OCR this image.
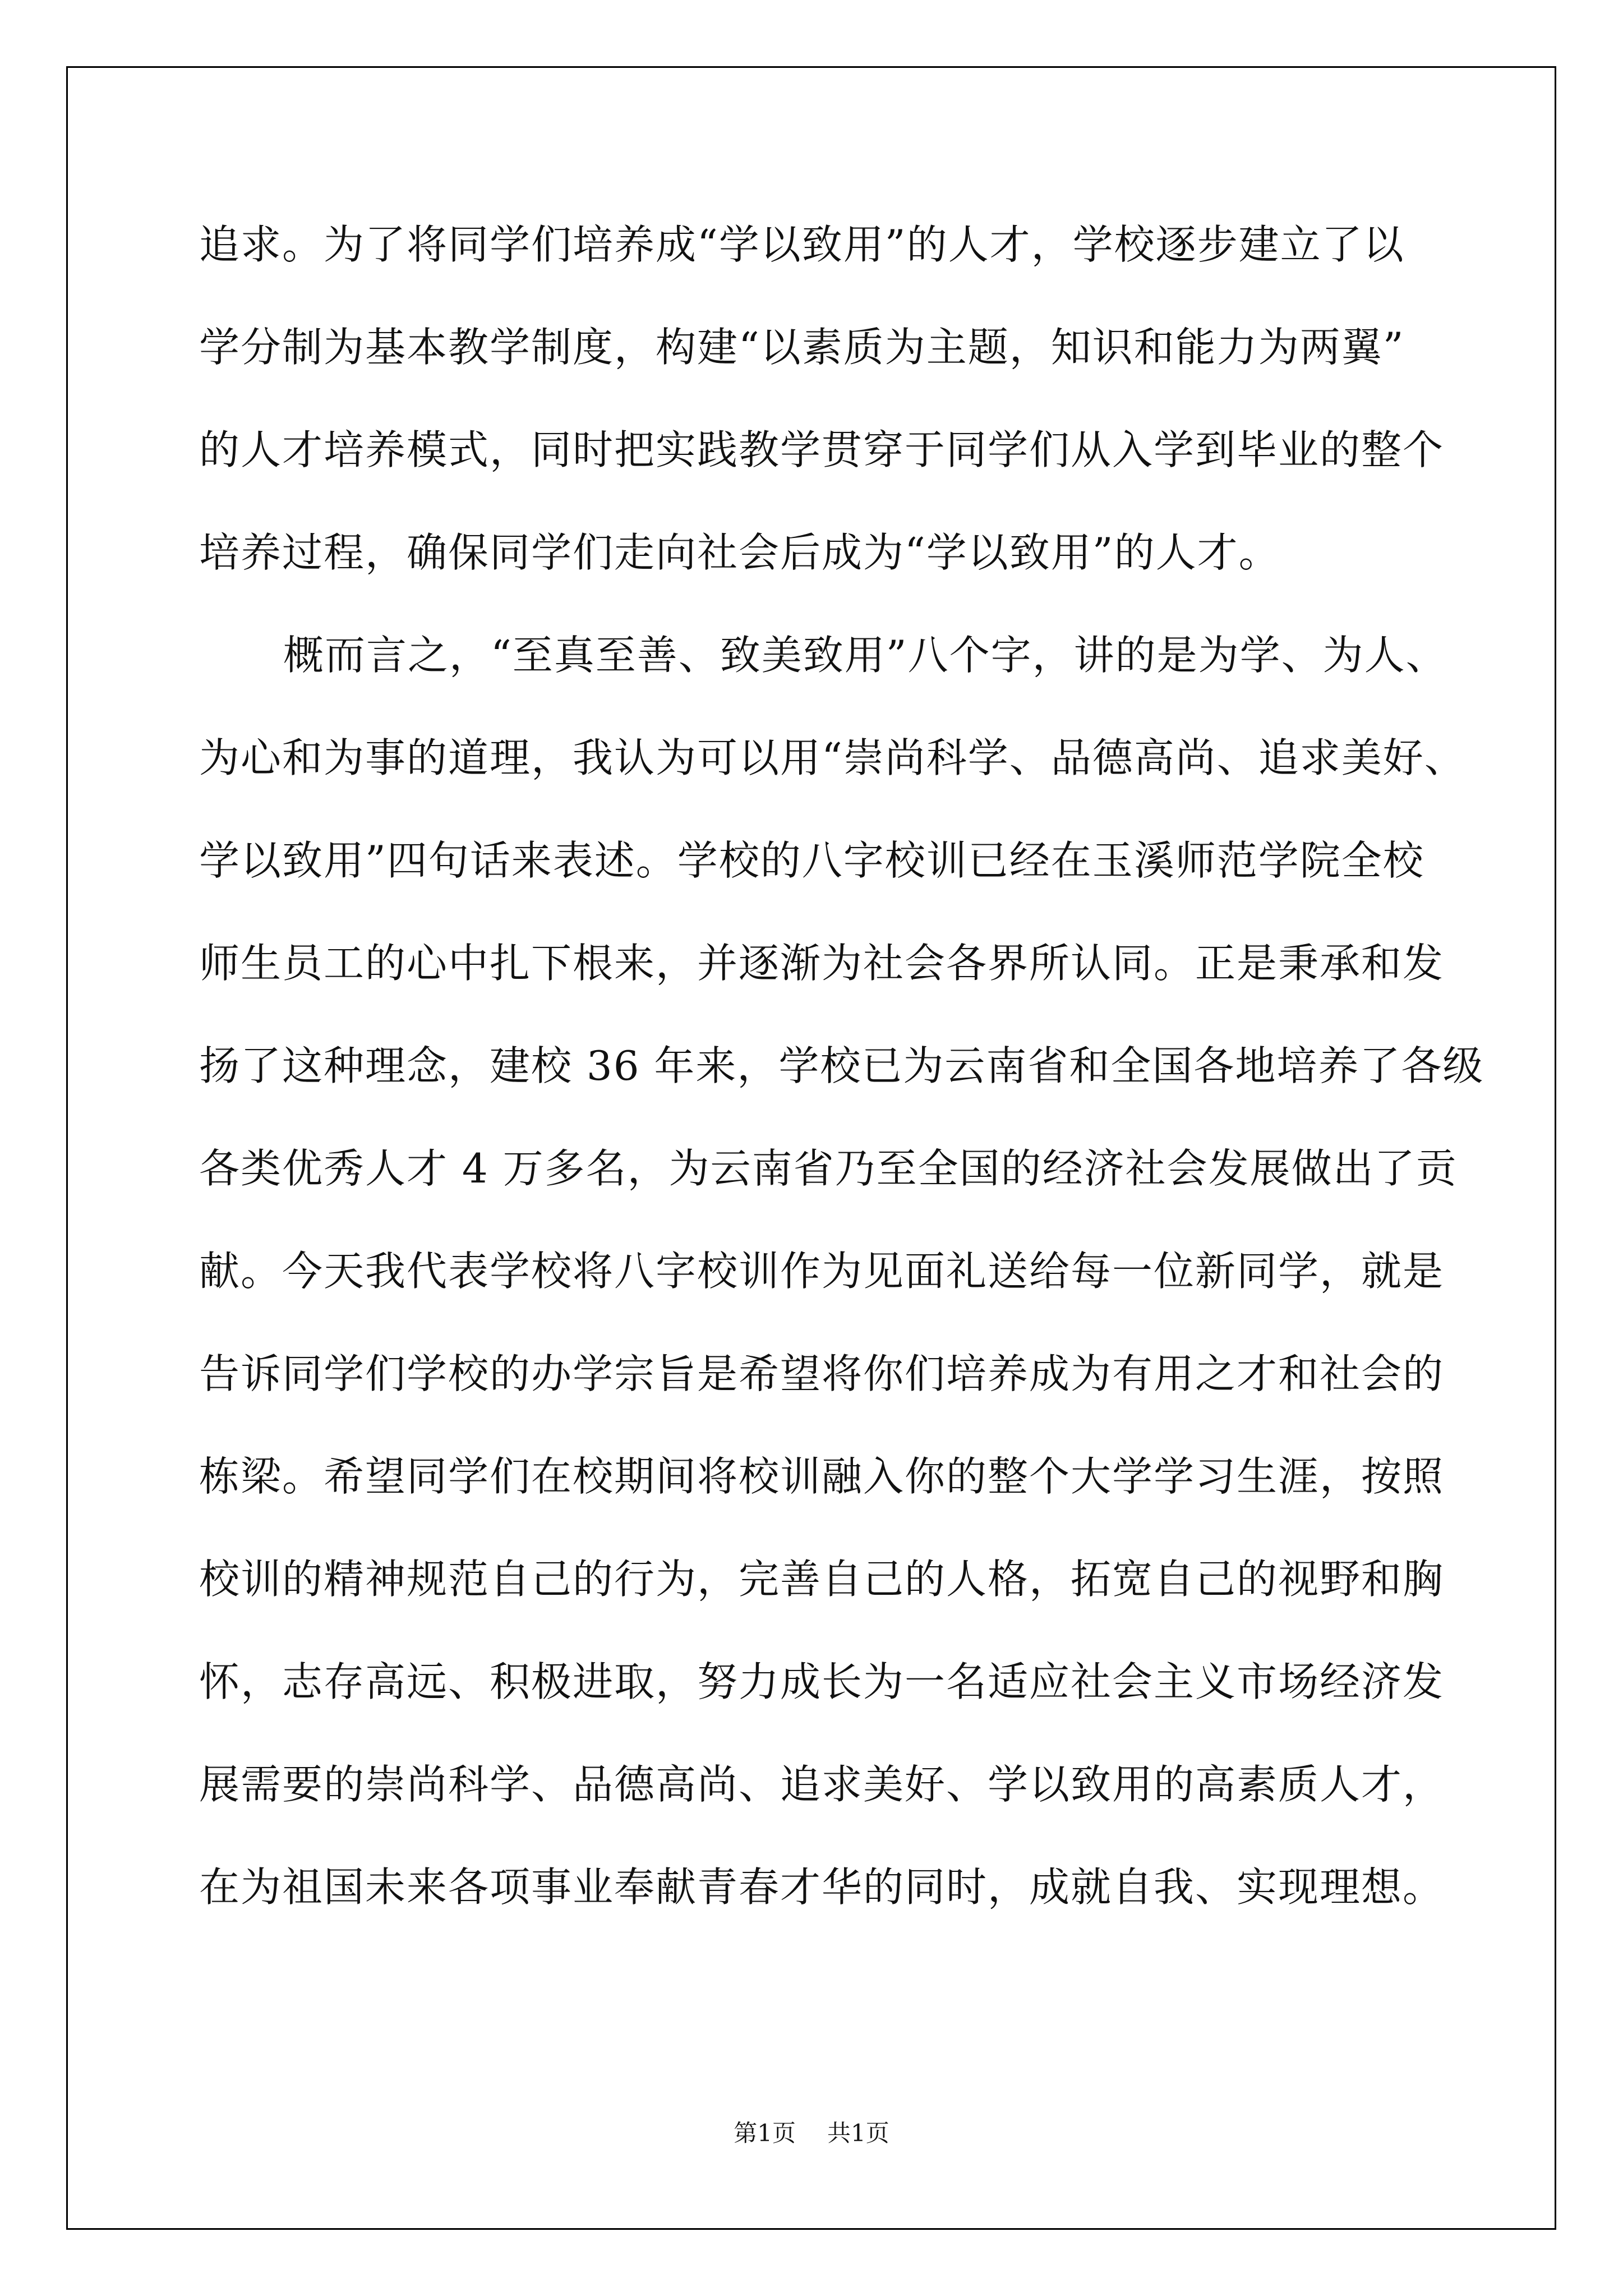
追求。为了将同学们培养成“学以致用”的人才，学校逐步建立了以
学分制为基本教学制度，构建“以素质为主题，知识和能力为两翼”
的人才培养模式，同时把实践教学贯穿于同学们从入学到毕业的整个
培养过程，确保同学们走向社会后成为“学以致用”的人才。
概而言之，“至真至善、致美致用”八个字，讲的是为学、为人、
为心和为事的道理，我认为可以用“崇尚科学、品德高尚、追求美好、
学以致用”四句话来表述。学校的八字校训已经在玉溪师范学院全校
师生员工的心中扎下根来，并逐渐为社会各界所认同。正是秉承和发
扬了这种理念，建校 36 年来，学校已为云南省和全国各地培养了各级
各类优秀人才 4 万多名，为云南省乃至全国的经济社会发展做出了贡
献。今天我代表学校将八字校训作为见面礼送给每一位新同学，就是
告诉同学们学校的办学宗旨是希望将你们培养成为有用之才和社会的
栋梁。希望同学们在校期间将校训融入你的整个大学学习生涯，按照
校训的精神规范自己的行为，完善自己的人格，拓宽自己的视野和胸
怀，志存高远、积极进取，努力成长为一名适应社会主义市场经济发
展需要的崇尚科学、品德高尚、追求美好、学以致用的高素质人才，
在为祖国未来各项事业奉献青春才华的同时，成就自我、实现理想。
第1页 共1页
